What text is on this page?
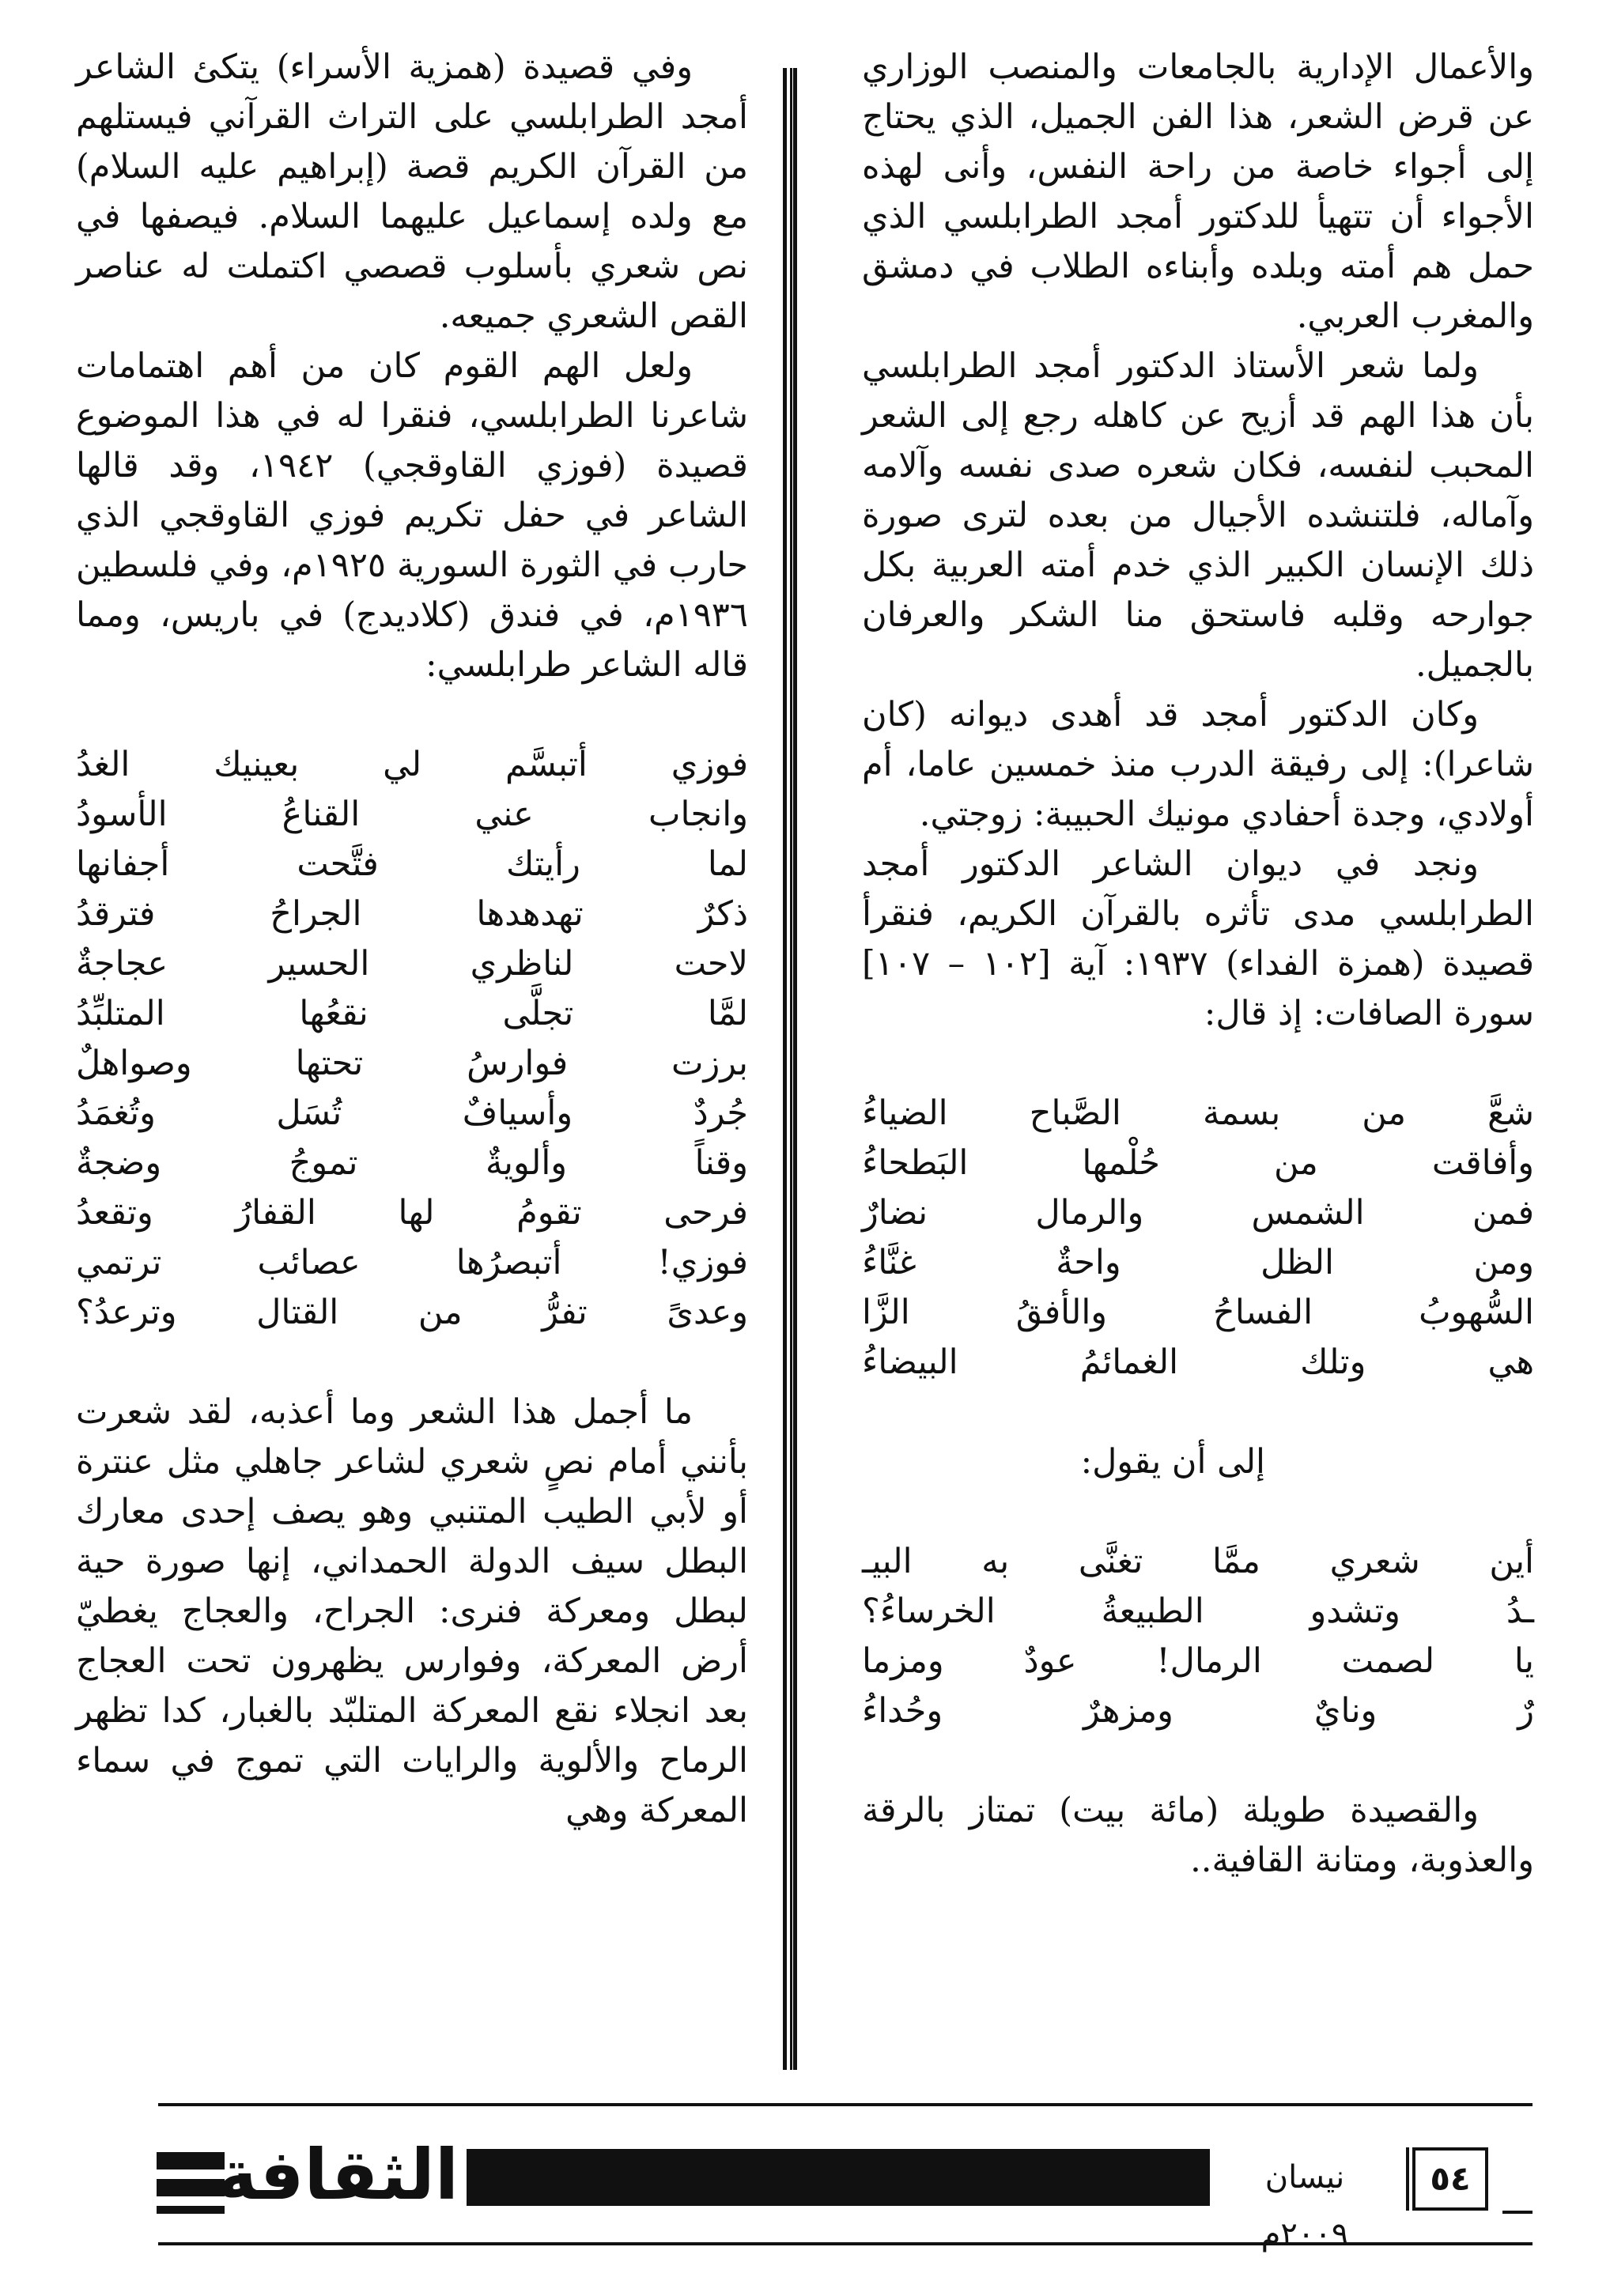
والأعمال الإدارية بالجامعات والمنصب الوزاري عن قرض الشعر، هذا الفن الجميل، الذي يحتاج إلى أجواء خاصة من راحة النفس، وأنى لهذه الأجواء أن تتهيأ للدكتور أمجد الطرابلسي الذي حمل هم أمته وبلده وأبناءه الطلاب في دمشق والمغرب العربي.

ولما شعر الأستاذ الدكتور أمجد الطرابلسي بأن هذا الهم قد أزيح عن كاهله رجع إلى الشعر المحبب لنفسه، فكان شعره صدى نفسه وآلامه وآماله، فلتنشده الأجيال من بعده لترى صورة ذلك الإنسان الكبير الذي خدم أمته العربية بكل جوارحه وقلبه فاستحق منا الشكر والعرفان بالجميل.

وكان الدكتور أمجد قد أهدى ديوانه (كان شاعرا): إلى رفيقة الدرب منذ خمسين عاما، أم أولادي، وجدة أحفادي مونيك الحبيبة: زوجتي.

ونجد في ديوان الشاعر الدكتور أمجد الطرابلسي مدى تأثره بالقرآن الكريم، فنقرأ قصيدة (همزة الفداء) ١٩٣٧: آية [١٠٢ – ١٠٧] سورة الصافات: إذ قال:

شعَّ من بسمة الصَّباح الضياءُ
وأفاقت من حُلْمها البَطحاءُ
فمن الشمس والرمال نضارٌ
ومن الظل واحةٌ غنَّاءُ
السُّهوبُ الفساحُ والأفقُ الزَّا
هي وتلك الغمائمُ البيضاءُ

إلى أن يقول:

أين شعري ممَّا تغنَّى به البيـ
ـدُ وتشدو الطبيعةُ الخرساءُ؟
يا لصمت الرمال! عودٌ ومزما
رٌ ونايٌ ومزهرٌ وحُداءُ

والقصيدة طويلة (مائة بيت) تمتاز بالرقة والعذوبة، ومتانة القافية..

وفي قصيدة (همزية الأسراء) يتكئ الشاعر أمجد الطرابلسي على التراث القرآني فيستلهم من القرآن الكريم قصة (إبراهيم عليه السلام) مع ولده إسماعيل عليهما السلام. فيصفها في نص شعري بأسلوب قصصي اكتملت له عناصر القص الشعري جميعه.

ولعل الهم القوم كان من أهم اهتمامات شاعرنا الطرابلسي، فنقرا له في هذا الموضوع قصيدة (فوزي القاوقجي) ١٩٤٢، وقد قالها الشاعر في حفل تكريم فوزي القاوقجي الذي حارب في الثورة السورية ١٩٢٥م، وفي فلسطين ١٩٣٦م، في فندق (كلاديدج) في باريس، ومما قاله الشاعر طرابلسي:

فوزي أتبسَّم لي بعينيك الغدُ
وانجاب عني القناعُ الأسودُ
لما رأيتك فتَّحت أجفانها
ذكرٌ تهدهدها الجراحُ فترقدُ
لاحت لناظري الحسير عجاجةٌ
لمَّا تجلَّى نقعُها المتلبِّدُ
برزت فوارسُ تحتها وصواهلٌ
جُردٌ وأسيافٌ تُسَل وتُغمَدُ
وقناً وألويةٌ تموجُ وضجةٌ
فرحى تقومُ لها القفارُ وتقعدُ
فوزي! أتبصرُها عصائب ترتمي
وعدىً تفرُّ من القتال وترعدُ؟

ما أجمل هذا الشعر وما أعذبه، لقد شعرت بأنني أمام نصٍ شعري لشاعر جاهلي مثل عنترة أو لأبي الطيب المتنبي وهو يصف إحدى معارك البطل سيف الدولة الحمداني، إنها صورة حية لبطل ومعركة فنرى: الجراح، والعجاج يغطيّ أرض المعركة، وفوارس يظهرون تحت العجاج بعد انجلاء نقع المعركة المتلبّد بالغبار، كدا تظهر الرماح والألوية والرايات التي تموج في سماء المعركة وهي

الثقافة	نيسان ٢٠٠٩م
٥٤
